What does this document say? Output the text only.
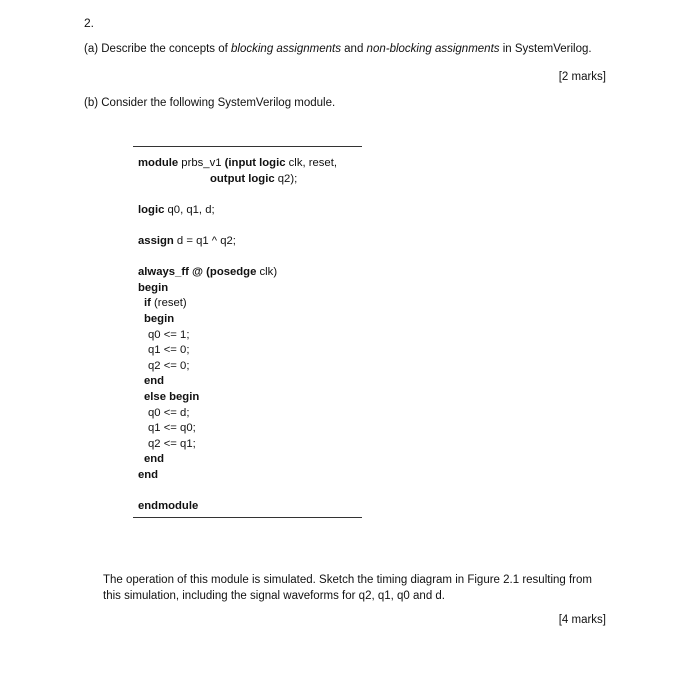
2.
(a) Describe the concepts of blocking assignments and non-blocking assignments in SystemVerilog.
[2 marks]
(b) Consider the following SystemVerilog module.
module prbs_v1 (input logic clk, reset,
output logic q2);
logic q0, q1, d;
assign d = q1 ^ q2;
always_ff @ (posedge clk)
begin
if (reset)
begin
q0 <= 1;
q1 <= 0;
q2 <= 0;
end
else begin
q0 <= d;
q1 <= q0;
q2 <= q1;
end
end
endmodule
The operation of this module is simulated. Sketch the timing diagram in Figure 2.1 resulting from
this simulation, including the signal waveforms for q2, q1, q0 and d.
[4 marks]
